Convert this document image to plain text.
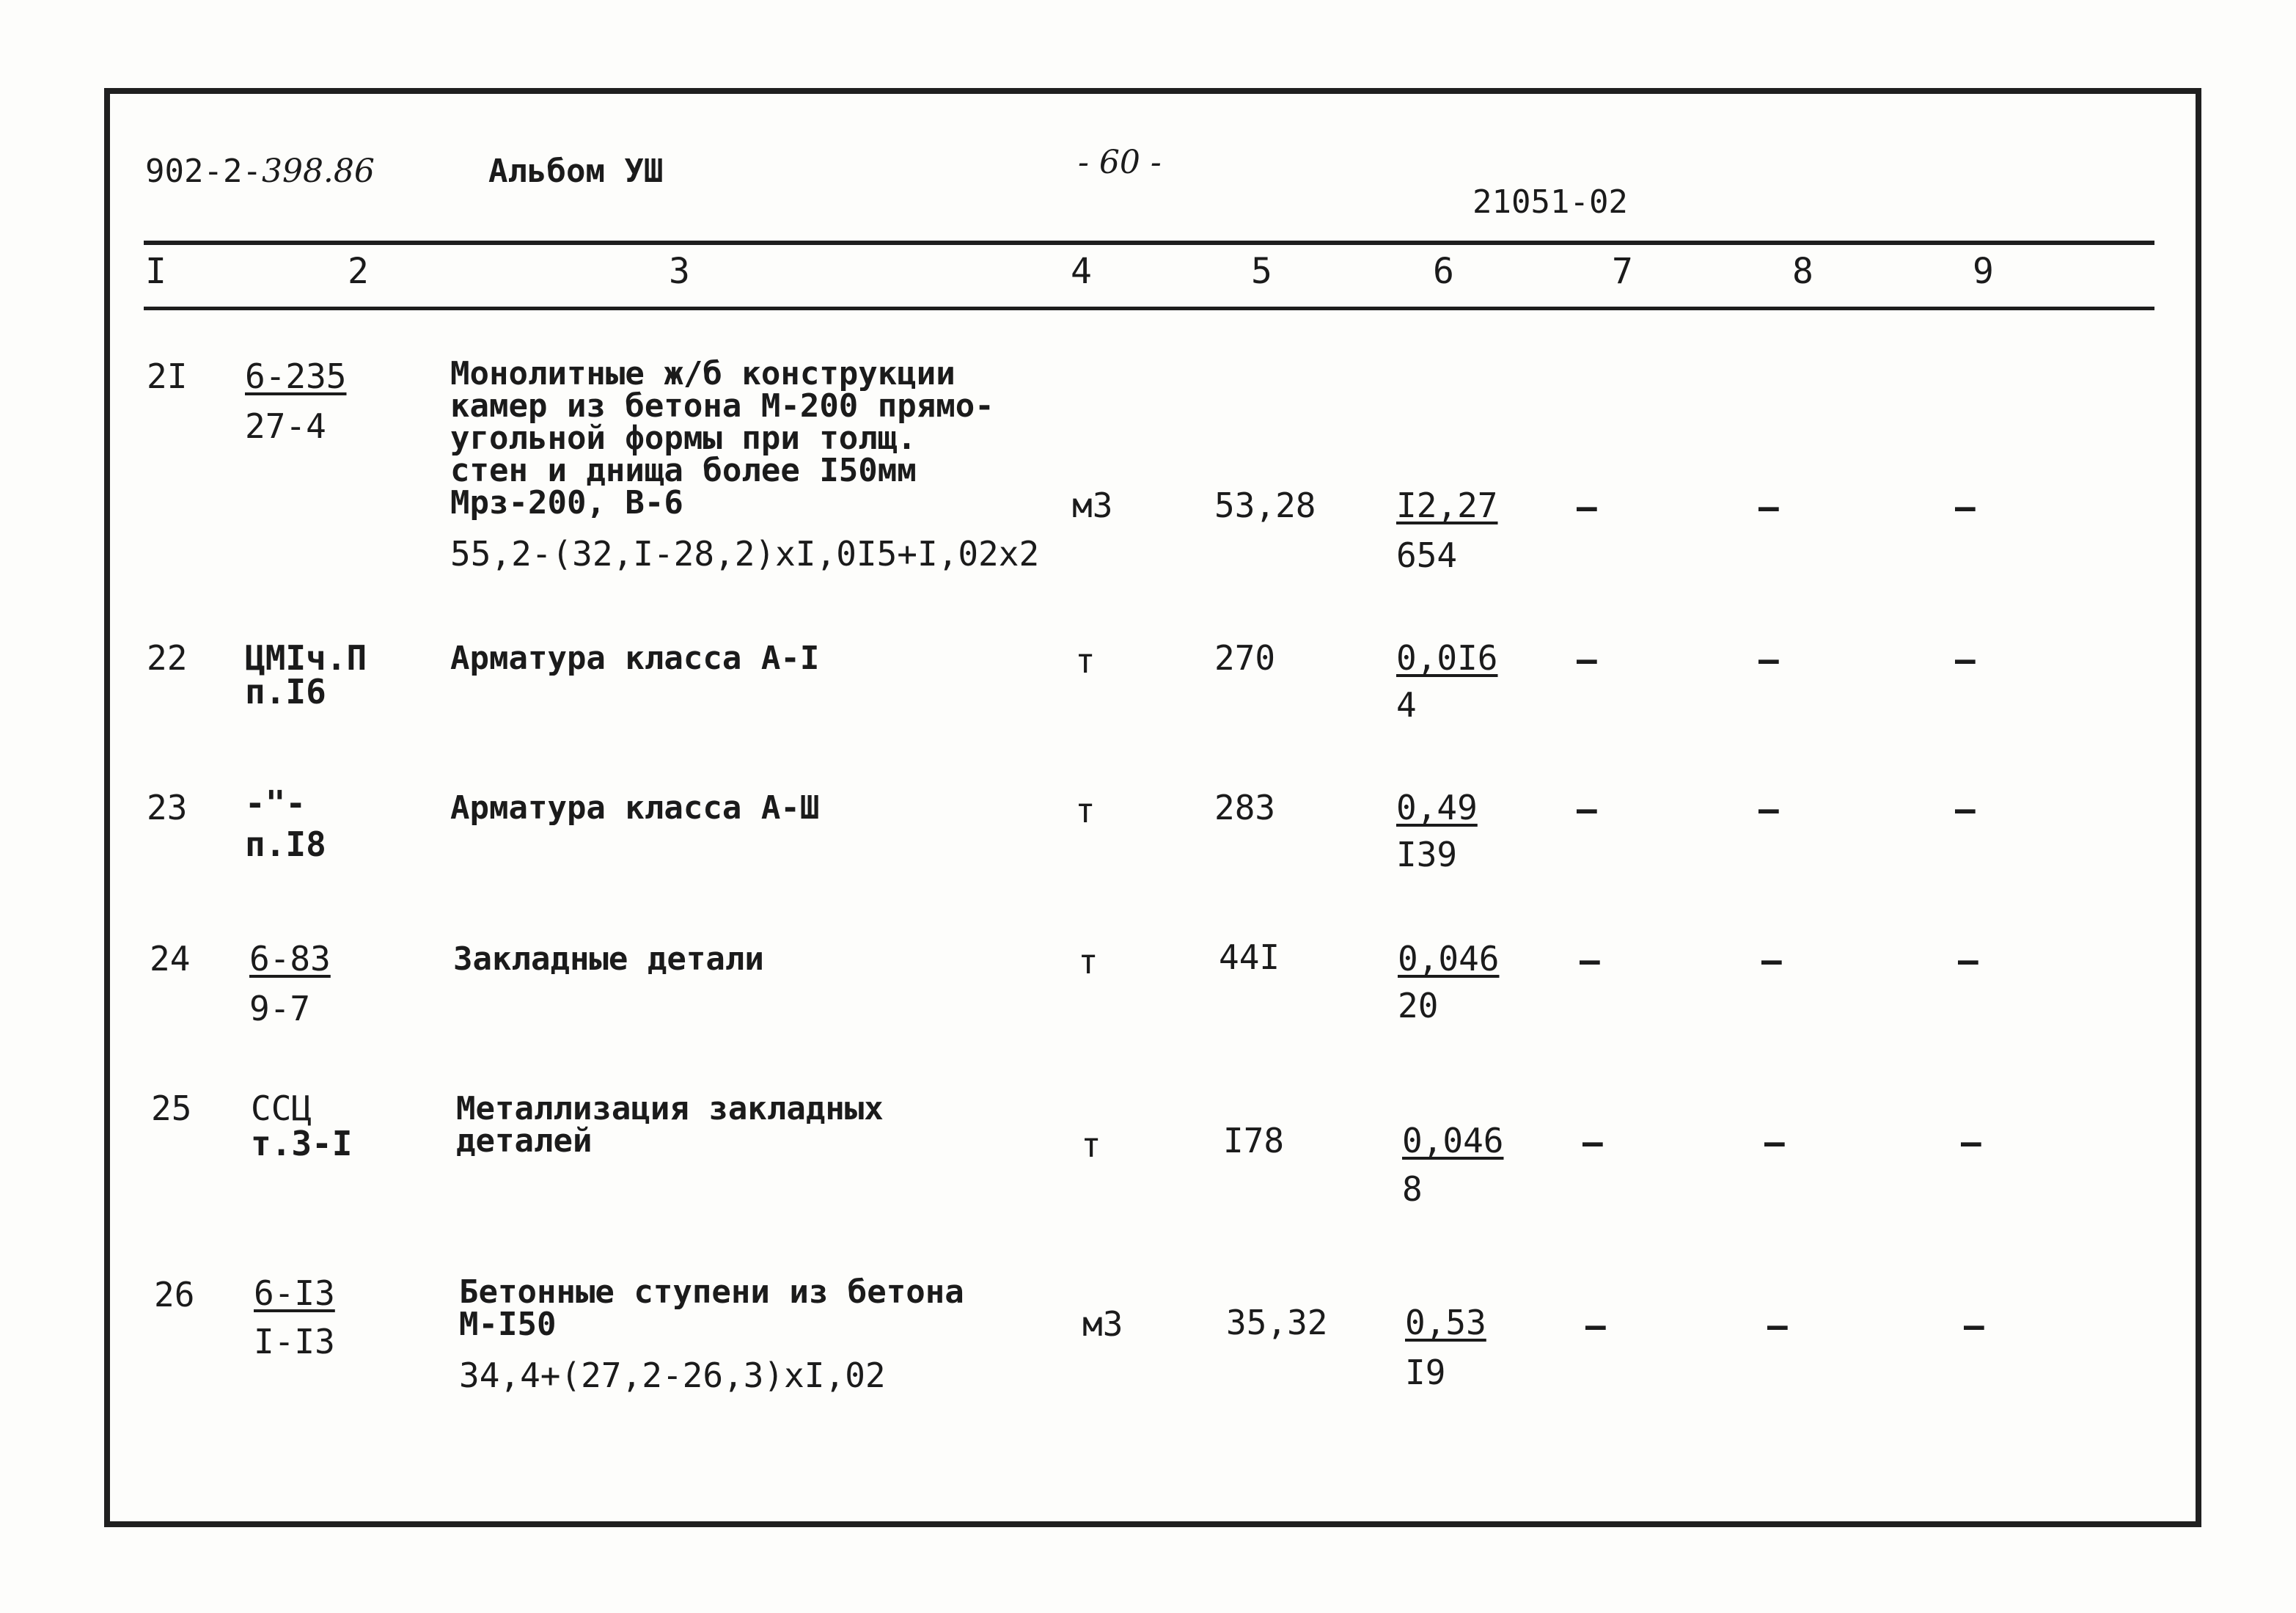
902-2-398.86	Альбом УШ	- 60 -
21051-02
I	2	3	4	5	6	7	8	9
2I 6-235
27-4
Монолитные ж/б конструкции
камер из бетона М-200 прямо-
угольной формы при толщ.
стен и днища более I50мм
Мрз-200, В-6
55,2-(32,I-28,2)xI,0I5+I,02x2
м3	53,28 I2,27
654
–	–	–
22 ЦМIч.П
п.I6
Арматура класса А-I	т	270	0,0I6
4
–	–	–
23 -"-
п.I8
Арматура класса А-Ш	т	283	0,49
I39
–	–	–
24 6-83
9-7
Закладные детали	т	44I	0,046
20
–	–	–
25 ССЦ
т.3-I
Металлизация закладных
деталей	т	I78	0,046
8
–	–	–
26 6-I3
I-I3
Бетонные ступени из бетона
М-I50
34,4+(27,2-26,3)xI,02
м3	35,32 0,53
I9
–	–	–
